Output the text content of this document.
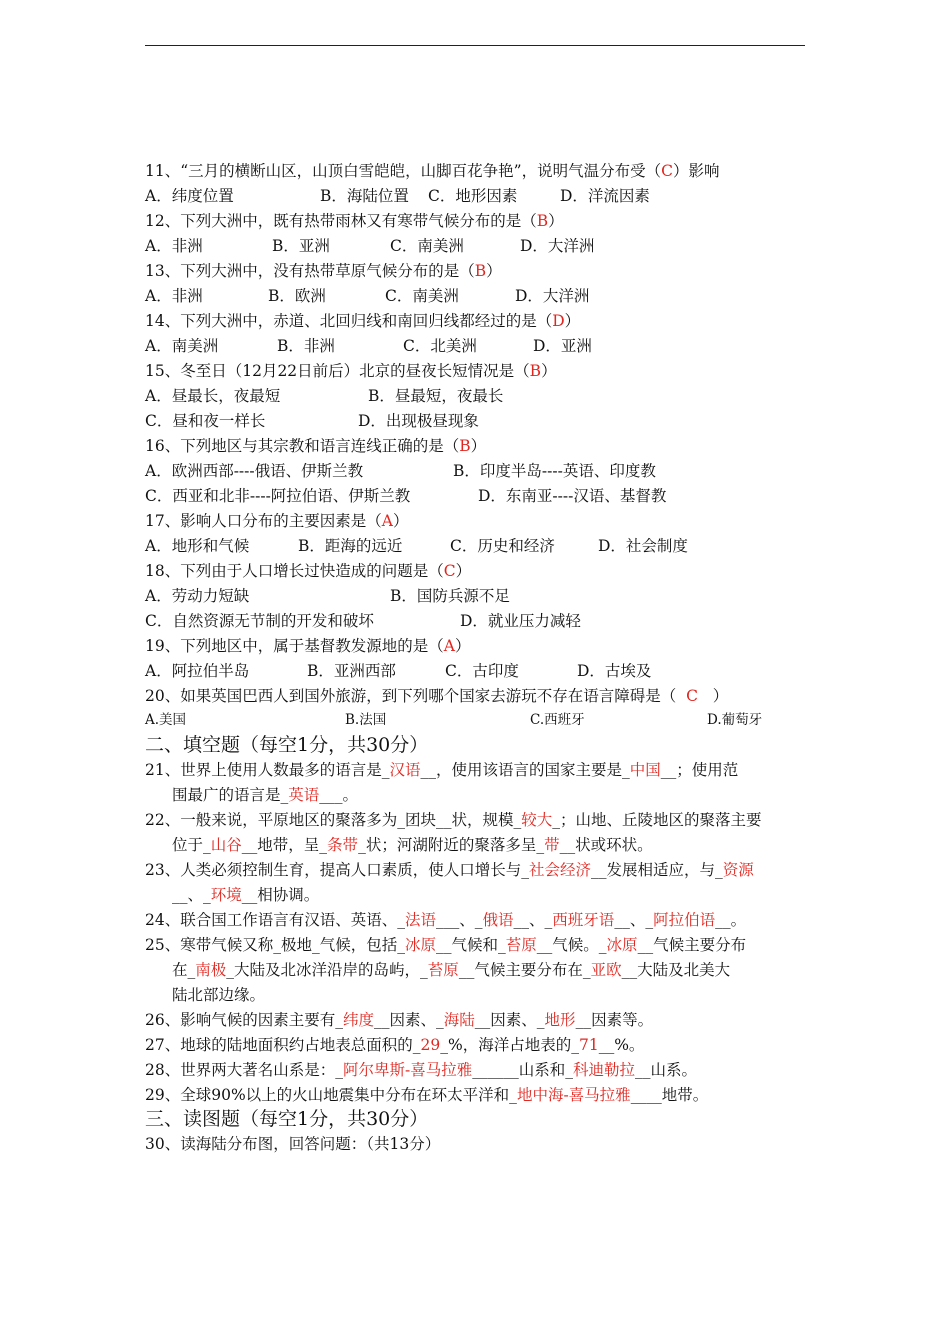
11、“三月的横断山区，山顶白雪皑皑，山脚百花争艳”，说明气温分布受（C）影响
A．纬度位置	B．海陆位置 C．地形因素	D．洋流因素
12、下列大洲中，既有热带雨林又有寒带气候分布的是（B）
A．非洲	B．亚洲	C．南美洲	D．大洋洲
13、下列大洲中，没有热带草原气候分布的是（B）
A．非洲	B．欧洲	C．南美洲	D．大洋洲
14、下列大洲中，赤道、北回归线和南回归线都经过的是（D）
A．南美洲	B．非洲	C．北美洲	D．亚洲
15、冬至日（12月22日前后）北京的昼夜长短情况是（B）
A．昼最长，夜最短	B．昼最短，夜最长
C．昼和夜一样长	D．出现极昼现象
16、下列地区与其宗教和语言连线正确的是（B）
A．欧洲西部----俄语、伊斯兰教	B．印度半岛----英语、印度教
C．西亚和北非----阿拉伯语、伊斯兰教	D．东南亚----汉语、基督教
17、影响人口分布的主要因素是（A）
A．地形和气候	B．距海的远近	C．历史和经济	D．社会制度
18、下列由于人口增长过快造成的问题是（C）
A．劳动力短缺	B．国防兵源不足
C．自然资源无节制的开发和破坏	D．就业压力减轻
19、下列地区中，属于基督教发源地的是（A）
A．阿拉伯半岛	B．亚洲西部	C．古印度	D．古埃及
20、如果英国巴西人到国外旅游，到下列哪个国家去游玩不存在语言障碍是（ C ）
A.美国	B.法国	C.西班牙	D.葡萄牙
二、填空题（每空1分，共30分）
21、世界上使用人数最多的语言是_汉语__，使用该语言的国家主要是_中国__；使用范
围最广的语言是_英语___。
22、一般来说，平原地区的聚落多为_团块__状，规模_较大_；山地、丘陵地区的聚落主要
位于_山谷__地带，呈_条带_状；河湖附近的聚落多呈_带__状或环状。
23、人类必须控制生育，提高人口素质，使人口增长与_社会经济__发展相适应，与_资源
__、_环境__相协调。
24、联合国工作语言有汉语、英语、_法语___、_俄语__、_西班牙语__、_阿拉伯语__。
25、寒带气候又称_极地_气候，包括_冰原__气候和_苔原__气候。_冰原__气候主要分布
在_南极_大陆及北冰洋沿岸的岛屿，_苔原__气候主要分布在_亚欧__大陆及北美大
陆北部边缘。
26、影响气候的因素主要有_纬度__因素、_海陆__因素、_地形__因素等。
27、地球的陆地面积约占地表总面积的_29_%，海洋占地表的_71__%。
28、世界两大著名山系是：_阿尔卑斯-喜马拉雅______山系和_科迪勒拉__山系。
29、全球90%以上的火山地震集中分布在环太平洋和_地中海-喜马拉雅____地带。
三、读图题（每空1分，共30分）
30、读海陆分布图，回答问题：（共13分）
